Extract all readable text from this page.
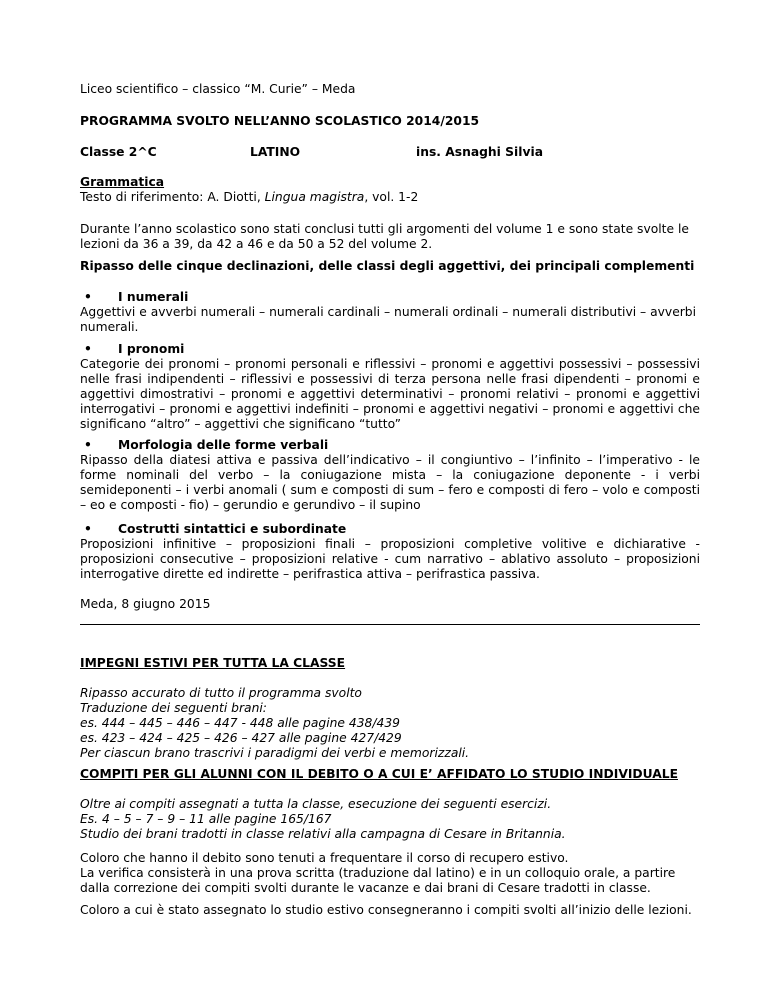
Liceo scientifico – classico “M. Curie” – Meda
PROGRAMMA SVOLTO NELL’ANNO SCOLASTICO 2014/2015
Classe 2^C	LATINO	ins. Asnaghi Silvia
Grammatica
Testo di riferimento: A. Diotti, Lingua magistra, vol. 1-2

Durante l’anno scolastico sono stati conclusi tutti gli argomenti del volume 1 e sono state svolte le lezioni da 36 a 39, da 42 a 46 e da 50 a 52 del volume 2.

Ripasso delle cinque declinazioni, delle classi degli aggettivi, dei principali complementi
• I numerali

Aggettivi e avverbi numerali – numerali cardinali – numerali ordinali – numerali distributivi – avverbi numerali.

• I pronomi

Categorie dei pronomi – pronomi personali e riflessivi – pronomi e aggettivi possessivi – possessivi nelle frasi indipendenti – riflessivi e possessivi di terza persona nelle frasi dipendenti – pronomi e aggettivi dimostrativi – pronomi e aggettivi determinativi – pronomi relativi – pronomi e aggettivi interrogativi – pronomi e aggettivi indefiniti – pronomi e aggettivi negativi – pronomi e aggettivi che significano “altro” – aggettivi che significano “tutto”

• Morfologia delle forme verbali

Ripasso della diatesi attiva e passiva dell’indicativo – il congiuntivo – l’infinito – l’imperativo - le forme nominali del verbo – la coniugazione mista – la coniugazione deponente - i verbi semideponenti – i verbi anomali ( sum e composti di sum – fero e composti di fero – volo e composti – eo e composti - fio) – gerundio e gerundivo – il supino

• Costrutti sintattici e subordinate

Proposizioni infinitive – proposizioni finali – proposizioni completive volitive e dichiarative - proposizioni consecutive – proposizioni relative - cum narrativo – ablativo assoluto – proposizioni interrogative dirette ed indirette – perifrastica attiva – perifrastica passiva.

Meda, 8 giugno 2015
IMPEGNI ESTIVI PER TUTTA LA CLASSE
Ripasso accurato di tutto il programma svolto
Traduzione dei seguenti brani:
es. 444 – 445 – 446 – 447 - 448 alle pagine 438/439
es. 423 – 424 – 425 – 426 – 427 alle pagine 427/429
Per ciascun brano trascrivi i paradigmi dei verbi e memorizzali.
COMPITI PER GLI ALUNNI CON IL DEBITO O A CUI E’ AFFIDATO LO STUDIO INDIVIDUALE
Oltre ai compiti assegnati a tutta la classe, esecuzione dei seguenti esercizi.
Es. 4 – 5 – 7 – 9 – 11 alle pagine 165/167
Studio dei brani tradotti in classe relativi alla campagna di Cesare in Britannia.

Coloro che hanno il debito sono tenuti a frequentare il corso di recupero estivo.
La verifica consisterà in una prova scritta (traduzione dal latino) e in un colloquio orale, a partire dalla correzione dei compiti svolti durante le vacanze e dai brani di Cesare tradotti in classe.

Coloro a cui è stato assegnato lo studio estivo consegneranno i compiti svolti all’inizio delle lezioni.
